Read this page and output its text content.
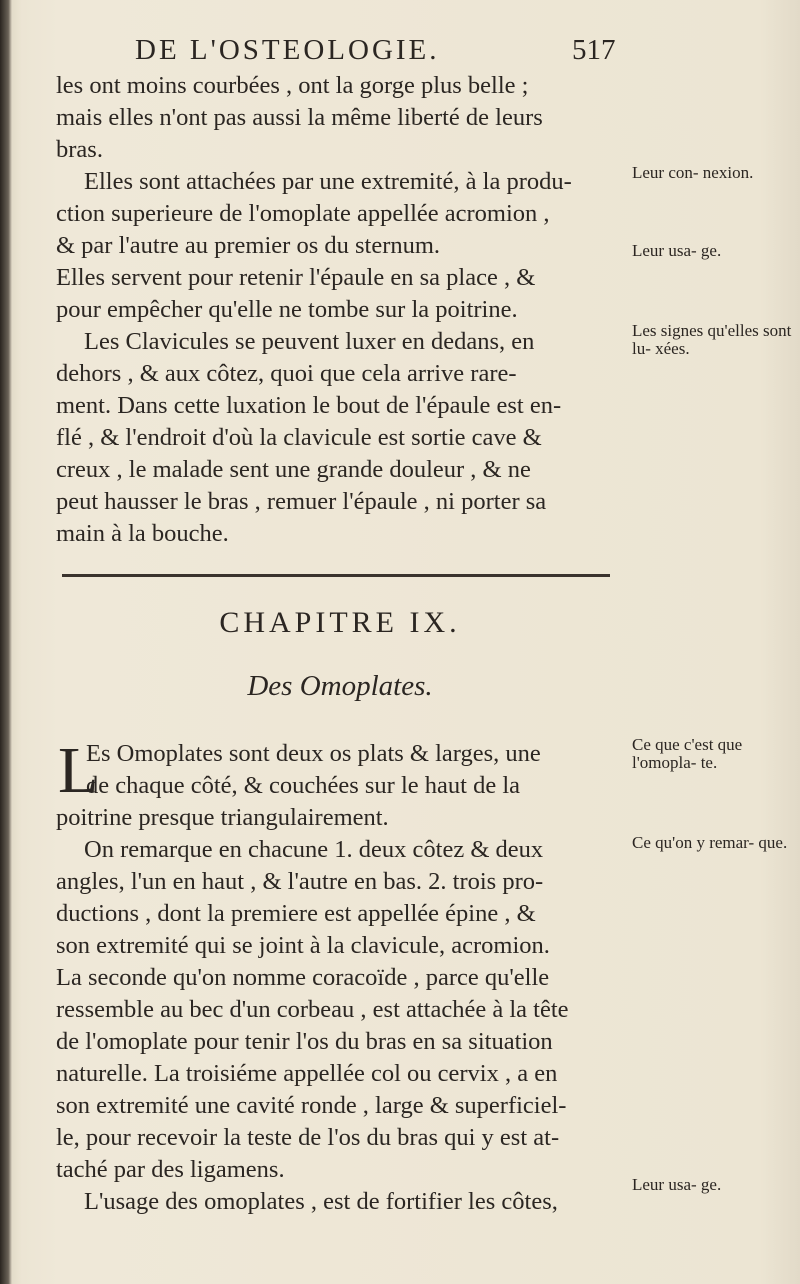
DE L'OSTEOLOGIE.	517
les ont moins courbées , ont la gorge plus belle ;
mais elles n'ont pas aussi la même liberté de leurs
bras.
Elles sont attachées par une extremité, à la produ-
ction superieure de l'omoplate appellée acromion ,
& par l'autre au premier os du sternum.
Elles servent pour retenir l'épaule en sa place , &
pour empêcher qu'elle ne tombe sur la poitrine.
Les Clavicules se peuvent luxer en dedans, en
dehors , & aux côtez, quoi que cela arrive rare-
ment. Dans cette luxation le bout de l'épaule est en-
flé , & l'endroit d'où la clavicule est sortie cave &
creux , le malade sent une grande douleur , & ne
peut hausser le bras , remuer l'épaule , ni porter sa
main à la bouche.
Leur con- nexion.
Leur usa- ge.
Les signes qu'elles sont lu- xées.
CHAPITRE IX.
Des Omoplates.
L
Es Omoplates sont deux os plats & larges, une
de chaque côté, & couchées sur le haut de la
poitrine presque triangulairement.
On remarque en chacune 1. deux côtez & deux
angles, l'un en haut , & l'autre en bas. 2. trois pro-
ductions , dont la premiere est appellée épine , &
son extremité qui se joint à la clavicule, acromion.
La seconde qu'on nomme coracoïde , parce qu'elle
ressemble au bec d'un corbeau , est attachée à la tête
de l'omoplate pour tenir l'os du bras en sa situation
naturelle. La troisiéme appellée col ou cervix , a en
son extremité une cavité ronde , large & superficiel-
le, pour recevoir la teste de l'os du bras qui y est at-
taché par des ligamens.
L'usage des omoplates , est de fortifier les côtes,
Ce que c'est que l'omopla- te.
Ce qu'on y remar- que.
Leur usa- ge.
